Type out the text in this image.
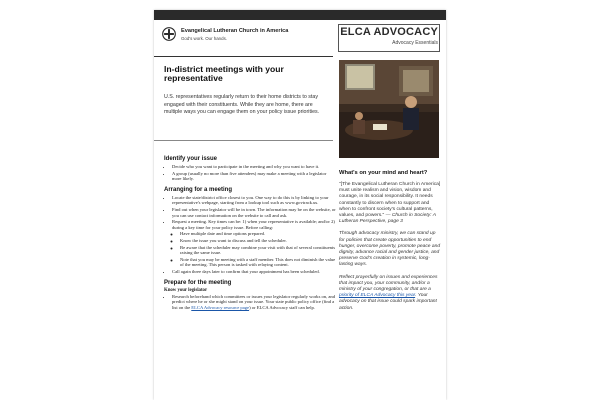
Evangelical Lutheran Church in America
God's work. Our hands.
ELCA ADVOCACY
Advocacy Essentials
In-district meetings with your representative
U.S. representatives regularly return to their home districts to stay engaged with their constituents. While they are home, there are multiple ways you can engage them on your policy issue priorities.
Identify your issue
• Decide who you want to participate in the meeting and why you want to have it.
• A group (usually no more than five attendees) may make a meeting with a legislator more likely.
Arranging for a meeting
• Locate the state/district office closest to you. One way to do this is by linking to your representative's webpage, starting from a lookup tool such as www.govtrack.us.
• Find out when your legislator will be in town. The information may be on the website, or you can use contact information on the website to call and ask.
• Request a meeting. Key times can be: 1) when your representative is available; and/or 2) during a key time for your policy issue. Before calling:
◦ Have multiple date and time options prepared.
◦ Know the issue you want to discuss and tell the scheduler.
◦ Be aware that the scheduler may combine your visit with that of several constituents raising the same issue.
◦ Note that you may be meeting with a staff member. This does not diminish the value of the meeting. This person is tasked with relaying content.
• Call again three days later to confirm that your appointment has been scheduled.
Prepare for the meeting
Know your legislator
• Research beforehand which committees or issues your legislator regularly works on, and predict where he or she might stand on your issue. Your state public policy office (find a list on the ELCA Advocacy resource page) or ELCA Advocacy staff can help.
What's on your mind and heart?

"[The Evangelical Lutheran Church in America] must unite realism and vision, wisdom and courage, in its social responsibility. It needs constantly to discern when to support and when to confront society's cultural patterns, values, and powers." — Church in Society: A Lutheran Perspective, page 3

Through advocacy ministry, we can stand up for policies that create opportunities to end hunger, overcome poverty, promote peace and dignity, advance racial and gender justice, and preserve God's creation in systemic, long-lasting ways.

Reflect prayerfully on issues and experiences that impact you, your community, and/or a ministry of your congregation, or that are a priority of ELCA Advocacy this year. Your advocacy on that issue could spark important action.
